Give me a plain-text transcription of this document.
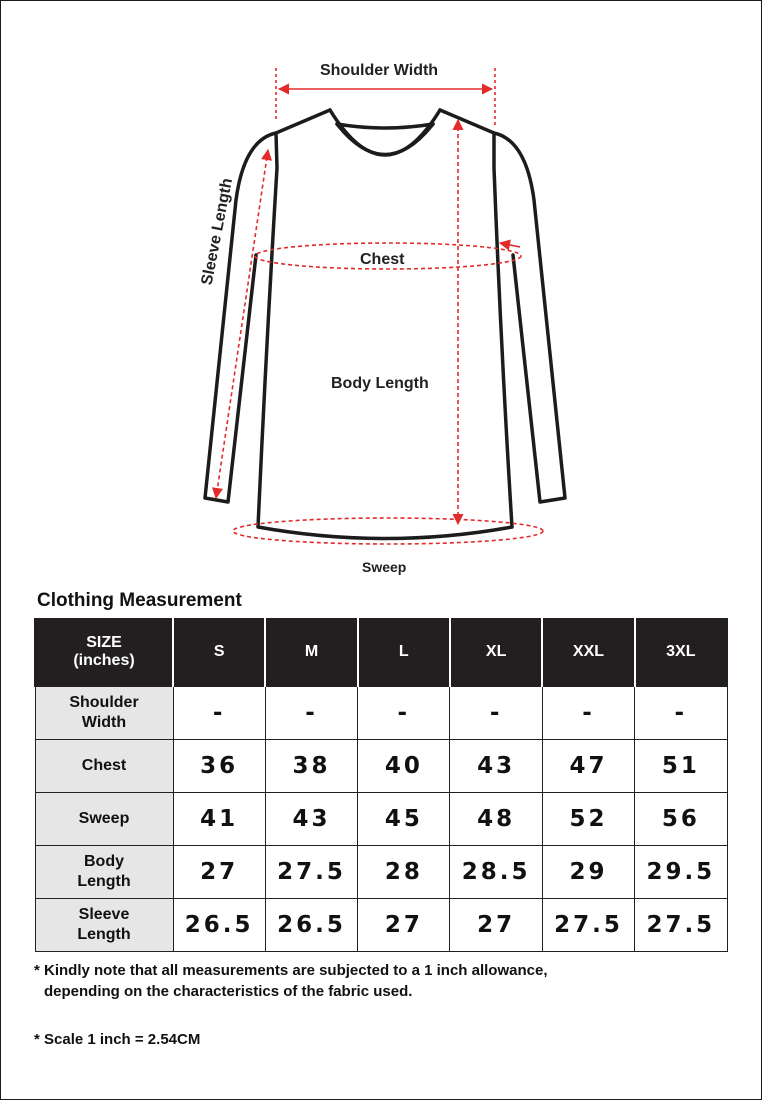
Shoulder Width
Sleeve Length	Chest
Body Length
Sweep
Clothing Measurement
SIZE
(inches)	S	M	L	XL	XXL	3XL
Shoulder
Width	-	-	-	-	-	-
Chest	36	38	40	43	47	51
Sweep	41	43	45	48	52	56
Body
Length	27	27.5	28	28.5	29	29.5
Sleeve
Length	26.5	26.5	27	27	27.5	27.5
* Kindly note that all measurements are subjected to a 1 inch allowance,
depending on the characteristics of the fabric used.
* Scale 1 inch = 2.54CM
